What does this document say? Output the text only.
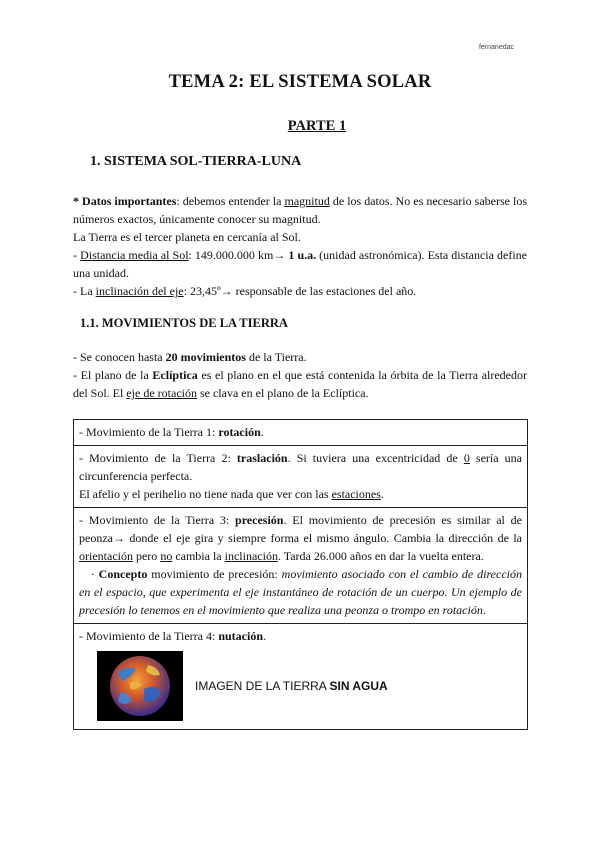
fernanedac
TEMA 2: EL SISTEMA SOLAR
PARTE 1
1. SISTEMA SOL-TIERRA-LUNA

* Datos importantes: debemos entender la magnitud de los datos. No es necesario saberse los números exactos, únicamente conocer su magnitud.

La Tierra es el tercer planeta en cercanía al Sol.

- Distancia media al Sol: 149.000.000 km→ 1 u.a. (unidad astronómica). Esta distancia define una unidad.

- La inclinación del eje: 23,45º→ responsable de las estaciones del año.

1.1. MOVIMIENTOS DE LA TIERRA

- Se conocen hasta 20 movimientos de la Tierra.

- El plano de la Eclíptica es el plano en el que está contenida la órbita de la Tierra alrededor del Sol. El eje de rotación se clava en el plano de la Eclíptica.

- Movimiento de la Tierra 1: rotación.
- Movimiento de la Tierra 2: traslación. Si tuviera una excentricidad de 0 sería una circunferencia perfecta.
El afelio y el perihelio no tiene nada que ver con las estaciones.
- Movimiento de la Tierra 3: precesión. El movimiento de precesión es similar al de peonza→ donde el eje gira y siempre forma el mismo ángulo. Cambia la dirección de la orientación pero no cambia la inclinación. Tarda 26.000 años en dar la vuelta entera.
· Concepto movimiento de precesión: movimiento asociado con el cambio de dirección en el espacio, que experimenta el eje instantáneo de rotación de un cuerpo. Un ejemplo de precesión lo tenemos en el movimiento que realiza una peonza o trompo en rotación.
- Movimiento de la Tierra 4: nutación.
IMAGEN DE LA TIERRA SIN AGUA
